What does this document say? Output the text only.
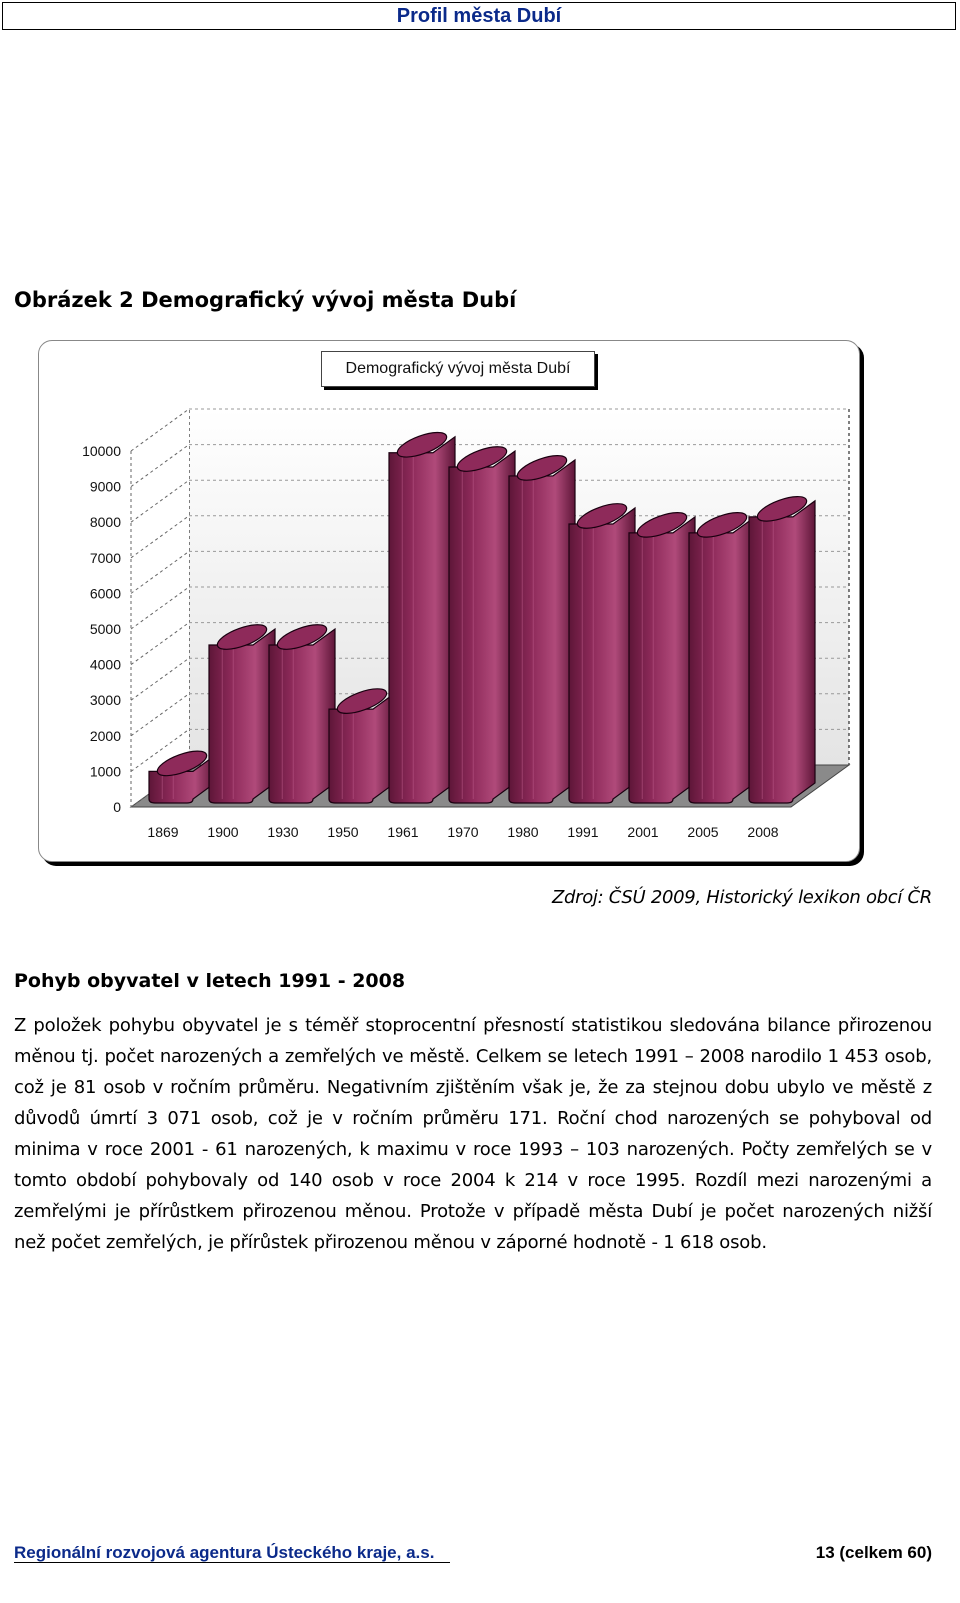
Profil města Dubí
Obrázek 2 Demografický vývoj města Dubí
Demografický vývoj města Dubí
0
1000
2000
3000
4000
5000
6000
7000
8000
9000
10000
1869 1900 1930 1950 1961 1970 1980 1991 2001 2005 2008
Zdroj: ČSÚ 2009, Historický lexikon obcí ČR
Pohyb obyvatel v letech 1991 - 2008
Z položek pohybu obyvatel je s téměř stoprocentní přesností statistikou sledována bilance přirozenou měnou tj. počet narozených a zemřelých ve městě. Celkem se letech 1991 – 2008 narodilo 1 453 osob, což je 81 osob v ročním průměru. Negativním zjištěním však je, že za stejnou dobu ubylo ve městě z důvodů úmrtí 3 071 osob, což je v ročním průměru 171. Roční chod narozených se pohyboval od minima v roce 2001 - 61 narozených, k maximu v roce 1993 – 103 narozených. Počty zemřelých se v tomto období pohybovaly od 140 osob v roce 2004 k 214 v roce 1995. Rozdíl mezi narozenými a zemřelými je přírůstkem přirozenou měnou. Protože v případě města Dubí je počet narozených nižší než počet zemřelých, je přírůstek přirozenou měnou v záporné hodnotě - 1 618 osob.
Regionální rozvojová agentura Ústeckého kraje, a.s.	13 (celkem 60)
